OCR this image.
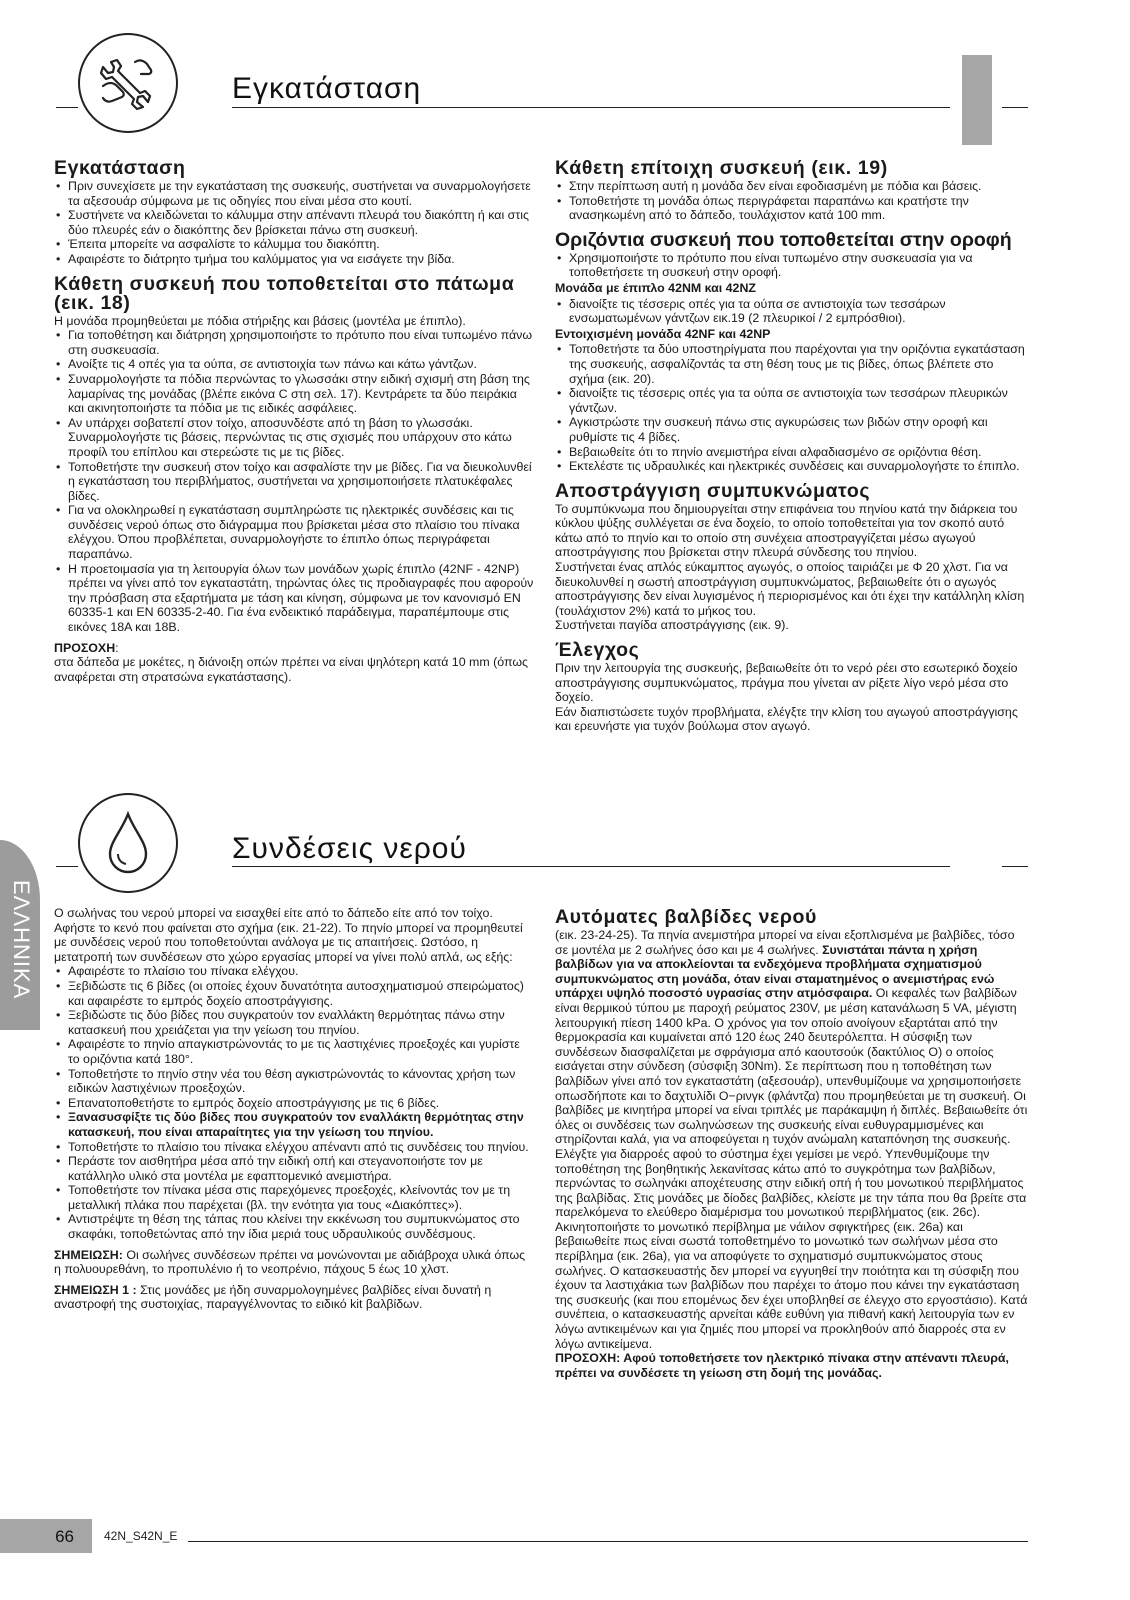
Εγκατάσταση
Εγκατάσταση
• Πριν συνεχίσετε με την εγκατάσταση της συσκευής, συστήνεται να συναρμολογήσετε τα αξεσουάρ σύμφωνα με τις οδηγίες που είναι μέσα στο κουτί.
• Συστήνετε να κλειδώνεται το κάλυμμα στην απέναντι πλευρά του διακόπτη ή και στις δύο πλευρές εάν ο διακόπτης δεν βρίσκεται πάνω στη συσκευή.
• Έπειτα μπορείτε να ασφαλίστε το κάλυμμα του διακόπτη.
• Αφαιρέστε το διάτρητο τμήμα του καλύμματος για να εισάγετε την βίδα.
Κάθετη συσκευή που τοποθετείται στο πάτωμα (εικ. 18)

Η μονάδα προμηθεύεται με πόδια στήριξης και βάσεις (μοντέλα με έπιπλο).

• Για τοποθέτηση και διάτρηση χρησιμοποιήστε το πρότυπο που είναι τυπωμένο πάνω στη συσκευασία.
• Ανοίξτε τις 4 οπές για τα ούπα, σε αντιστοιχία των πάνω και κάτω γάντζων.
• Συναρμολογήστε τα πόδια περνώντας το γλωσσάκι στην ειδική σχισμή στη βάση της λαμαρίνας της μονάδας (βλέπε εικόνα C στη σελ. 17). Κεντράρετε τα δύο πειράκια και ακινητοποιήστε τα πόδια με τις ειδικές ασφάλειες.
• Αν υπάρχει σοβατεπί στον τοίχο, αποσυνδέστε από τη βάση το γλωσσάκι. Συναρμολογήστε τις βάσεις, περνώντας τις στις σχισμές που υπάρχουν στο κάτω προφίλ του επίπλου και στερεώστε τις με τις βίδες.
• Τοποθετήστε την συσκευή στον τοίχο και ασφαλίστε την με βίδες. Για να διευκολυνθεί η εγκατάσταση του περιβλήματος, συστήνεται να χρησιμοποιήσετε πλατυκέφαλες βίδες.
• Για να ολοκληρωθεί η εγκατάσταση συμπληρώστε τις ηλεκτρικές συνδέσεις και τις συνδέσεις νερού όπως στο διάγραμμα που βρίσκεται μέσα στο πλαίσιο του πίνακα ελέγχου. Όπου προβλέπεται, συναρμολογήστε το έπιπλο όπως περιγράφεται παραπάνω.
• Η προετοιμασία για τη λειτουργία όλων των μονάδων χωρίς έπιπλο (42NF - 42NP) πρέπει να γίνει από τον εγκαταστάτη, τηρώντας όλες τις προδιαγραφές που αφορούν την πρόσβαση στα εξαρτήματα με τάση και κίνηση, σύμφωνα με τον κανονισμό EN 60335-1 και EN 60335-2-40. Για ένα ενδεικτικό παράδειγμα, παραπέμπουμε στις εικόνες 18A και 18B.

ΠΡΟΣΟΧΗ:

στα δάπεδα με μοκέτες, η διάνοιξη οπών πρέπει να είναι ψηλότερη κατά 10 mm (όπως αναφέρεται στη στρατσώνα εγκατάστασης).

Κάθετη επίτοιχη συσκευή (εικ. 19)
• Στην περίπτωση αυτή η μονάδα δεν είναι εφοδιασμένη με πόδια και βάσεις.
• Τοποθετήστε τη μονάδα όπως περιγράφεται παραπάνω και κρατήστε την ανασηκωμένη από το δάπεδο, τουλάχιστον κατά 100 mm.
Οριζόντια συσκευή που τοποθετείται στην οροφή
• Χρησιμοποιήστε το πρότυπο που είναι τυπωμένο στην συσκευασία για να τοποθετήσετε τη συσκευή στην οροφή.
Μονάδα με έπιπλο 42NM και 42NZ
• διανοίξτε τις τέσσερις οπές για τα ούπα σε αντιστοιχία των τεσσάρων ενσωματωμένων γάντζων εικ.19 (2 πλευρικοί / 2 εμπρόσθιοι).
Εντοιχισμένη μονάδα 42NF και 42NP
• Τοποθετήστε τα δύο υποστηρίγματα που παρέχονται για την οριζόντια εγκατάσταση της συσκευής, ασφαλίζοντάς τα στη θέση τους με τις βίδες, όπως βλέπετε στο σχήμα (εικ. 20).
• διανοίξτε τις τέσσερις οπές για τα ούπα σε αντιστοιχία των τεσσάρων πλευρικών γάντζων.
• Αγκιστρώστε την συσκευή πάνω στις αγκυρώσεις των βιδών στην οροφή και ρυθμίστε τις 4 βίδες.
• Βεβαιωθείτε ότι το πηνίο ανεμιστήρα είναι αλφαδιασμένο σε οριζόντια θέση.
• Εκτελέστε τις υδραυλικές και ηλεκτρικές συνδέσεις και συναρμολογήστε το έπιπλο.
Αποστράγγιση συμπυκνώματος

Το συμπύκνωμα που δημιουργείται στην επιφάνεια του πηνίου κατά την διάρκεια του κύκλου ψύξης συλλέγεται σε ένα δοχείο, το οποίο τοποθετείται για τον σκοπό αυτό κάτω από το πηνίο και το οποίο στη συνέχεια αποστραγγίζεται μέσω αγωγού αποστράγγισης που βρίσκεται στην πλευρά σύνδεσης του πηνίου.

Συστήνεται ένας απλός εύκαμπτος αγωγός, ο οποίος ταιριάζει με Φ 20 χλστ. Για να διευκολυνθεί η σωστή αποστράγγιση συμπυκνώματος, βεβαιωθείτε ότι ο αγωγός αποστράγγισης δεν είναι λυγισμένος ή περιορισμένος και ότι έχει την κατάλληλη κλίση (τουλάχιστον 2%) κατά το μήκος του.

Συστήνεται παγίδα αποστράγγισης (εικ. 9).

Έλεγχος

Πριν την λειτουργία της συσκευής, βεβαιωθείτε ότι το νερό ρέει στο εσωτερικό δοχείο αποστράγγισης συμπυκνώματος, πράγμα που γίνεται αν ρίξετε λίγο νερό μέσα στο δοχείο.

Εάν διαπιστώσετε τυχόν προβλήματα, ελέγξτε την κλίση του αγωγού αποστράγγισης και ερευνήστε για τυχόν βούλωμα στον αγωγό.

Συνδέσεις νερού
ΕΛΛΗΝΙΚΑ Ο σωλήνας του νερού μπορεί να εισαχθεί είτε από το δάπεδο είτε από τον τοίχο. Αφήστε το κενό που φαίνεται στο σχήμα (εικ. 21-22). Το πηνίο μπορεί να προμηθευτεί με συνδέσεις νερού που τοποθετούνται ανάλογα με τις απαιτήσεις. Ωστόσο, η μετατροπή των συνδέσεων στο χώρο εργασίας μπορεί να γίνει πολύ απλά, ως εξής:

• Αφαιρέστε το πλαίσιο του πίνακα ελέγχου.
• Ξεβιδώστε τις 6 βίδες (οι οποίες έχουν δυνατότητα αυτοσχηματισμού σπειρώματος) και αφαιρέστε το εμπρός δοχείο αποστράγγισης.
• Ξεβιδώστε τις δύο βίδες που συγκρατούν τον εναλλάκτη θερμότητας πάνω στην κατασκευή που χρειάζεται για την γείωση του πηνίου.
• Αφαιρέστε το πηνίο απαγκιστρώνοντάς το με τις λαστιχένιες προεξοχές και γυρίστε το οριζόντια κατά 180°.
• Τοποθετήστε το πηνίο στην νέα του θέση αγκιστρώνοντάς το κάνοντας χρήση των ειδικών λαστιχένιων προεξοχών.
• Επανατοποθετήστε το εμπρός δοχείο αποστράγγισης με τις 6 βίδες.
• Ξανασυσφίξτε τις δύο βίδες που συγκρατούν τον εναλλάκτη θερμότητας στην κατασκευή, που είναι απαραίτητες για την γείωση του πηνίου.
• Τοποθετήστε το πλαίσιο του πίνακα ελέγχου απέναντι από τις συνδέσεις του πηνίου.
• Περάστε τον αισθητήρα μέσα από την ειδική οπή και στεγανοποιήστε τον με κατάλληλο υλικό στα μοντέλα με εφαπτομενικό ανεμιστήρα.
• Τοποθετήστε τον πίνακα μέσα στις παρεχόμενες προεξοχές, κλείνοντάς τον με τη μεταλλική πλάκα που παρέχεται (βλ. την ενότητα για τους «Διακόπτες»).
• Αντιστρέψτε τη θέση της τάπας που κλείνει την εκκένωση του συμπυκνώματος στο σκαφάκι, τοποθετώντας από την ίδια μεριά τους υδραυλικούς συνδέσμους.

ΣΗΜΕΙΩΣΗ: Οι σωλήνες συνδέσεων πρέπει να μονώνονται με αδιάβροχα υλικά όπως η πολυουρεθάνη, το προπυλένιο ή το νεοπρένιο, πάχους 5 έως 10 χλστ.

ΣΗΜΕΙΩΣΗ 1 : Στις μονάδες με ήδη συναρμολογημένες βαλβίδες είναι δυνατή η αναστροφή της συστοιχίας, παραγγέλνοντας το ειδικό kit βαλβίδων.

Αυτόματες βαλβίδες νερού

(εικ. 23-24-25). Τα πηνία ανεμιστήρα μπορεί να είναι εξοπλισμένα με βαλβίδες, τόσο σε μοντέλα με 2 σωλήνες όσο και με 4 σωλήνες. Συνιστάται πάντα η χρήση βαλβίδων για να αποκλείονται τα ενδεχόμενα προβλήματα σχηματισμού συμπυκνώματος στη μονάδα, όταν είναι σταματημένος ο ανεμιστήρας ενώ υπάρχει υψηλό ποσοστό υγρασίας στην ατμόσφαιρα. Οι κεφαλές των βαλβίδων είναι θερμικού τύπου με παροχή ρεύματος 230V, με μέση κατανάλωση 5 VA, μέγιστη λειτουργική πίεση 1400 kPa. Ο χρόνος για τον οποίο ανοίγουν εξαρτάται από την θερμοκρασία και κυμαίνεται από 120 έως 240 δευτερόλεπτα. Η σύσφιξη των συνδέσεων διασφαλίζεται με σφράγισμα από καουτσούκ (δακτύλιος O) ο οποίος εισάγεται στην σύνδεση (σύσφιξη 30Nm). Σε περίπτωση που η τοποθέτηση των βαλβίδων γίνει από τον εγκαταστάτη (αξεσουάρ), υπενθυμίζουμε να χρησιμοποιήσετε οπωσδήποτε και το δαχτυλίδι O−ρινγκ (φλάντζα) που προμηθεύεται με τη συσκευή. Οι βαλβίδες με κινητήρα μπορεί να είναι τριπλές με παράκαμψη ή διπλές. Βεβαιωθείτε ότι όλες οι συνδέσεις των σωληνώσεων της συσκευής είναι ευθυγραμμισμένες και στηρίζονται καλά, για να αποφεύγεται η τυχόν ανώμαλη καταπόνηση της συσκευής. Ελέγξτε για διαρροές αφού το σύστημα έχει γεμίσει με νερό. Υπενθυμίζουμε την τοποθέτηση της βοηθητικής λεκανίτσας κάτω από το συγκρότημα των βαλβίδων, περνώντας το σωληνάκι αποχέτευσης στην ειδική οπή ή του μονωτικού περιβλήματος της βαλβίδας. Στις μονάδες με δίοδες βαλβίδες, κλείστε με την τάπα που θα βρείτε στα παρελκόμενα το ελεύθερο διαμέρισμα του μονωτικού περιβλήματος (εικ. 26c). Ακινητοποιήστε το μονωτικό περίβλημα με νάιλον σφιγκτήρες (εικ. 26a) και βεβαιωθείτε πως είναι σωστά τοποθετημένο το μονωτικό των σωλήνων μέσα στο περίβλημα (εικ. 26a), για να αποφύγετε το σχηματισμό συμπυκνώματος στους σωλήνες. Ο κατασκευαστής δεν μπορεί να εγγυηθεί την ποιότητα και τη σύσφιξη που έχουν τα λαστιχάκια των βαλβίδων που παρέχει το άτομο που κάνει την εγκατάσταση της συσκευής (και που επομένως δεν έχει υποβληθεί σε έλεγχο στο εργοστάσιο). Κατά συνέπεια, ο κατασκευαστής αρνείται κάθε ευθύνη για πιθανή κακή λειτουργία των εν λόγω αντικειμένων και για ζημιές που μπορεί να προκληθούν από διαρροές στα εν λόγω αντικείμενα.

ΠΡΟΣΟΧΗ: Αφού τοποθετήσετε τον ηλεκτρικό πίνακα στην απέναντι πλευρά, πρέπει να συνδέσετε τη γείωση στη δομή της μονάδας.

66	42N_S42N_E
